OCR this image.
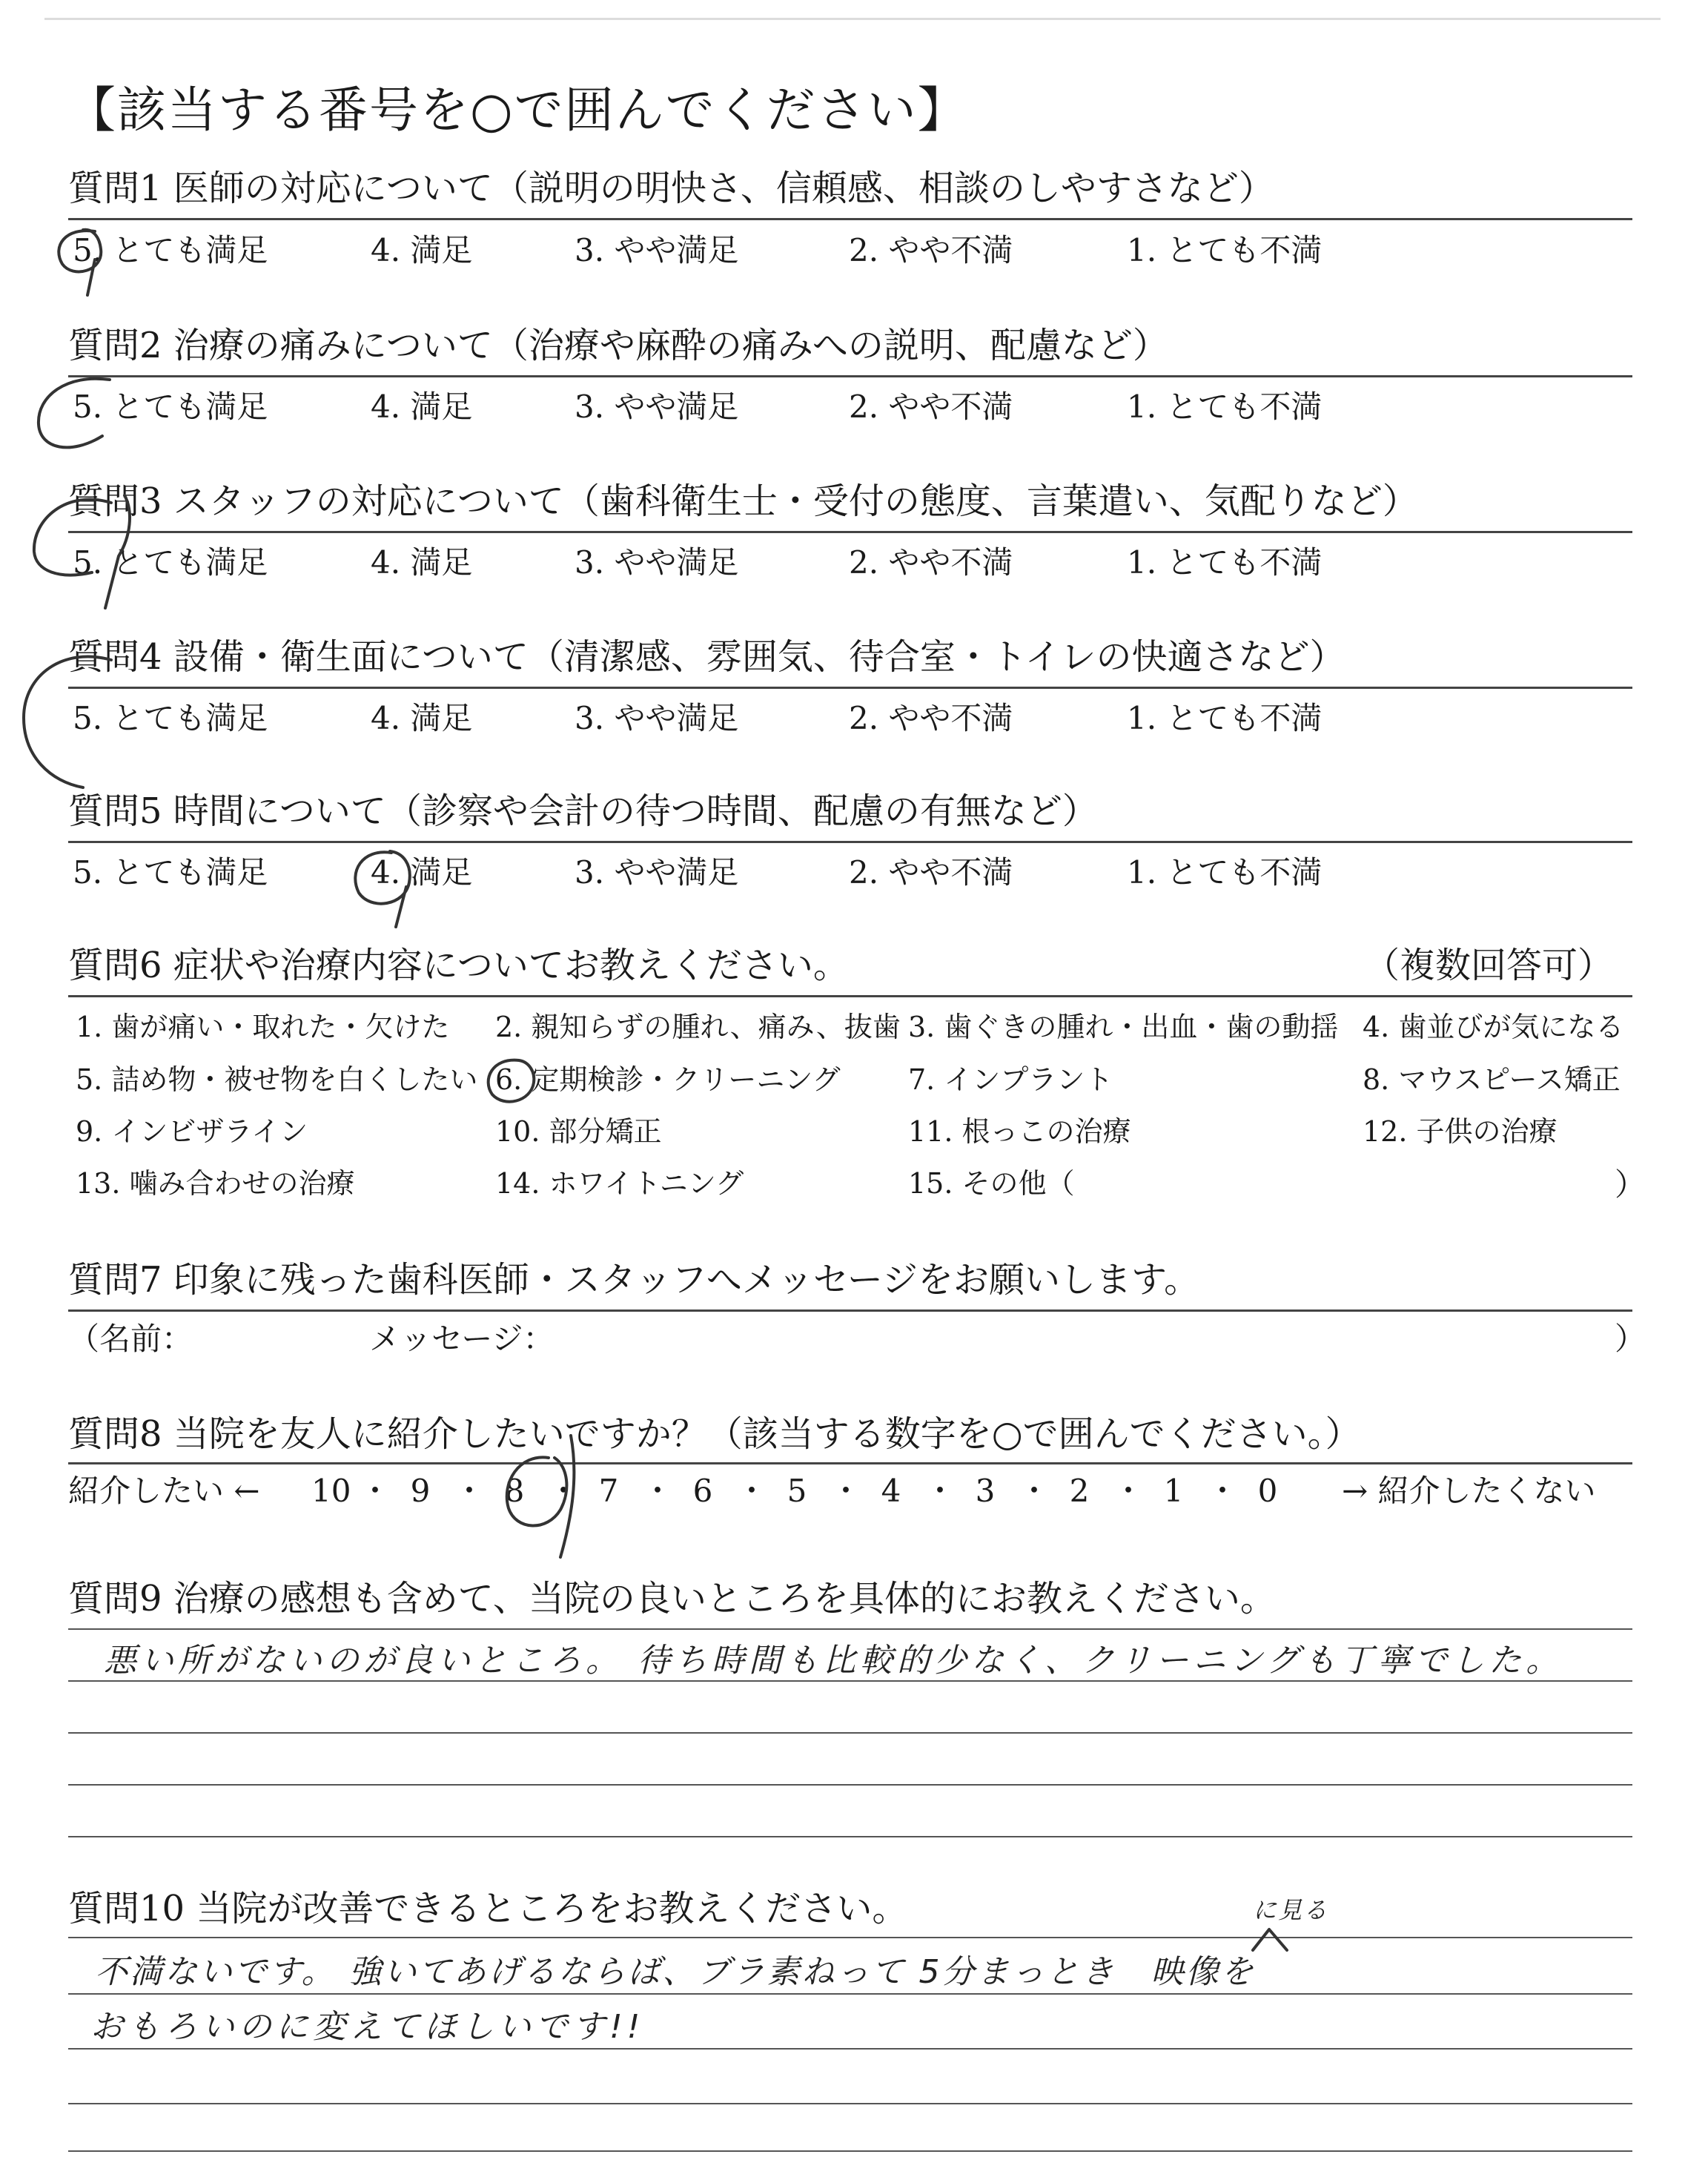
【該当する番号を○で囲んでください】
質問1 医師の対応について（説明の明快さ、信頼感、相談のしやすさなど）
5. とても満足	4. 満足	3. やや満足	2. やや不満	1. とても不満
質問2 治療の痛みについて（治療や麻酔の痛みへの説明、配慮など）
5. とても満足	4. 満足	3. やや満足	2. やや不満	1. とても不満
質問3 スタッフの対応について（歯科衛生士・受付の態度、言葉遣い、気配りなど）
5. とても満足	4. 満足	3. やや満足	2. やや不満	1. とても不満
質問4 設備・衛生面について（清潔感、雰囲気、待合室・トイレの快適さなど）
5. とても満足	4. 満足	3. やや満足	2. やや不満	1. とても不満
質問5 時間について（診察や会計の待つ時間、配慮の有無など）
5. とても満足	4. 満足	3. やや満足	2. やや不満	1. とても不満
質問6 症状や治療内容についてお教えください。	（複数回答可）
1. 歯が痛い・取れた・欠けた 2. 親知らずの腫れ、痛み、抜歯 3. 歯ぐきの腫れ・出血・歯の動揺 4. 歯並びが気になる
5. 詰め物・被せ物を白くしたい 6. 定期検診・クリーニング 7. インプラント	8. マウスピース矯正
9. インビザライン	10. 部分矯正	11. 根っこの治療	12. 子供の治療
13. 噛み合わせの治療	14. ホワイトニング	15. その他（	）
質問7 印象に残った歯科医師・スタッフへメッセージをお願いします。
（名前：	メッセージ：	）
質問8 当院を友人に紹介したいですか？（該当する数字を○で囲んでください。）
紹介したい ← 10 ・ 9 ・ 8 ・ 7 ・ 6 ・ 5 ・ 4 ・ 3 ・ 2 ・ 1 ・ 0 → 紹介したくない
質問9 治療の感想も含めて、当院の良いところを具体的にお教えください。
悪い所がないのが良いところ。 待ち時間も比較的少なく、クリーニングも丁寧でした。
質問10 当院が改善できるところをお教えください。	に見る
不満ないです。 強いてあげるならば、ブラ素ねって 5分まっとき　映像を
おもろいのに変えてほしいです!!
